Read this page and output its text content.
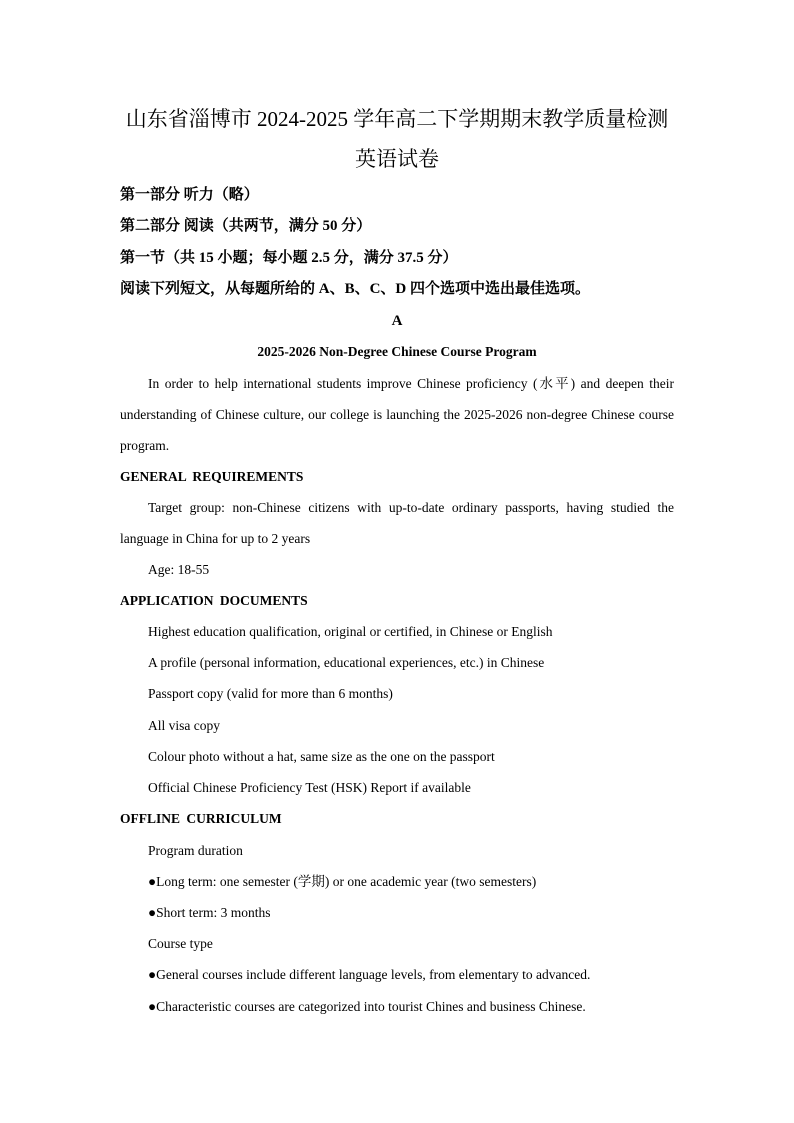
山东省淄博市 2024-2025 学年高二下学期期末教学质量检测
英语试卷
第一部分 听力（略）
第二部分 阅读（共两节，满分 50 分）
第一节（共 15 小题；每小题 2.5 分，满分 37.5 分）
阅读下列短文，从每题所给的 A、B、C、D 四个选项中选出最佳选项。
A
2025-2026 Non-Degree Chinese Course Program

In order to help international students improve Chinese proficiency (水平) and deepen their understanding of Chinese culture, our college is launching the 2025-2026 non-degree Chinese course program.

GENERAL REQUIREMENTS

Target group: non-Chinese citizens with up-to-date ordinary passports, having studied the language in China for up to 2 years

Age: 18-55
APPLICATION DOCUMENTS
Highest education qualification, original or certified, in Chinese or English
A profile (personal information, educational experiences, etc.) in Chinese
Passport copy (valid for more than 6 months)
All visa copy
Colour photo without a hat, same size as the one on the passport
Official Chinese Proficiency Test (HSK) Report if available
OFFLINE CURRICULUM
Program duration
●Long term: one semester (学期) or one academic year (two semesters)
●Short term: 3 months
Course type
●General courses include different language levels, from elementary to advanced.
●Characteristic courses are categorized into tourist Chines and business Chinese.
